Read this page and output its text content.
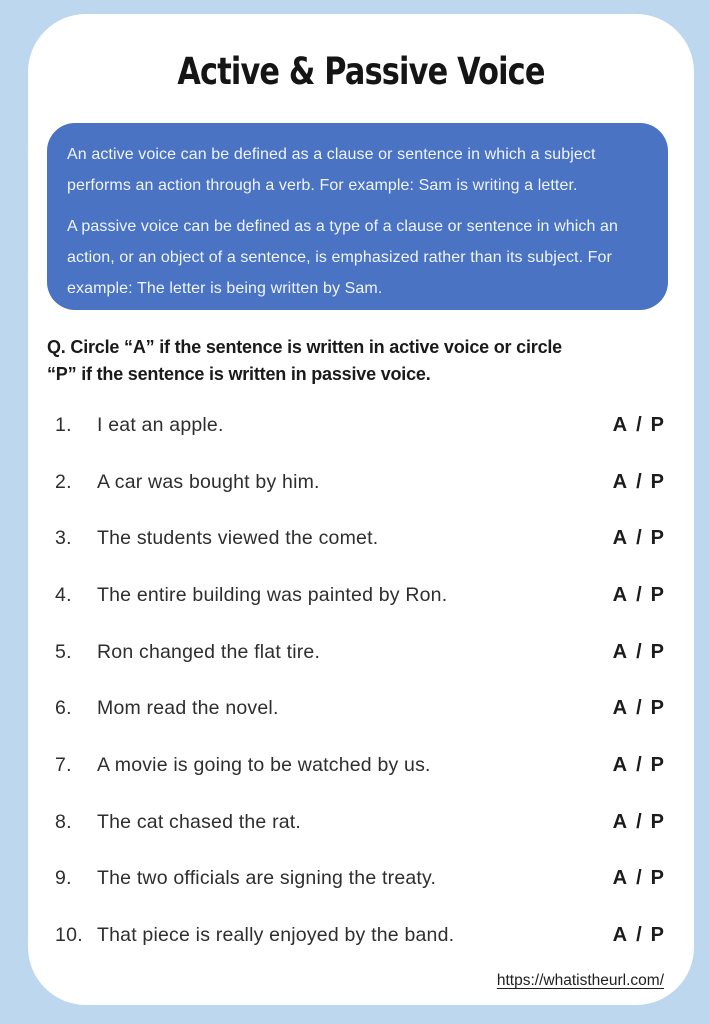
Active & Passive Voice

An active voice can be defined as a clause or sentence in which a subject performs an action through a verb. For example: Sam is writing a letter.

A passive voice can be defined as a type of a clause or sentence in which an action, or an object of a sentence, is emphasized rather than its subject. For example: The letter is being written by Sam.

Q. Circle “A” if the sentence is written in active voice or circle
“P” if the sentence is written in passive voice.
1.	I eat an apple.	A / P
2.	A car was bought by him.	A / P
3.	The students viewed the comet.	A / P
4.	The entire building was painted by Ron.	A / P
5.	Ron changed the flat tire.	A / P
6.	Mom read the novel.	A / P
7.	A movie is going to be watched by us.	A / P
8.	The cat chased the rat.	A / P
9.	The two officials are signing the treaty.	A / P
10. That piece is really enjoyed by the band.	A / P
https://whatistheurl.com/
